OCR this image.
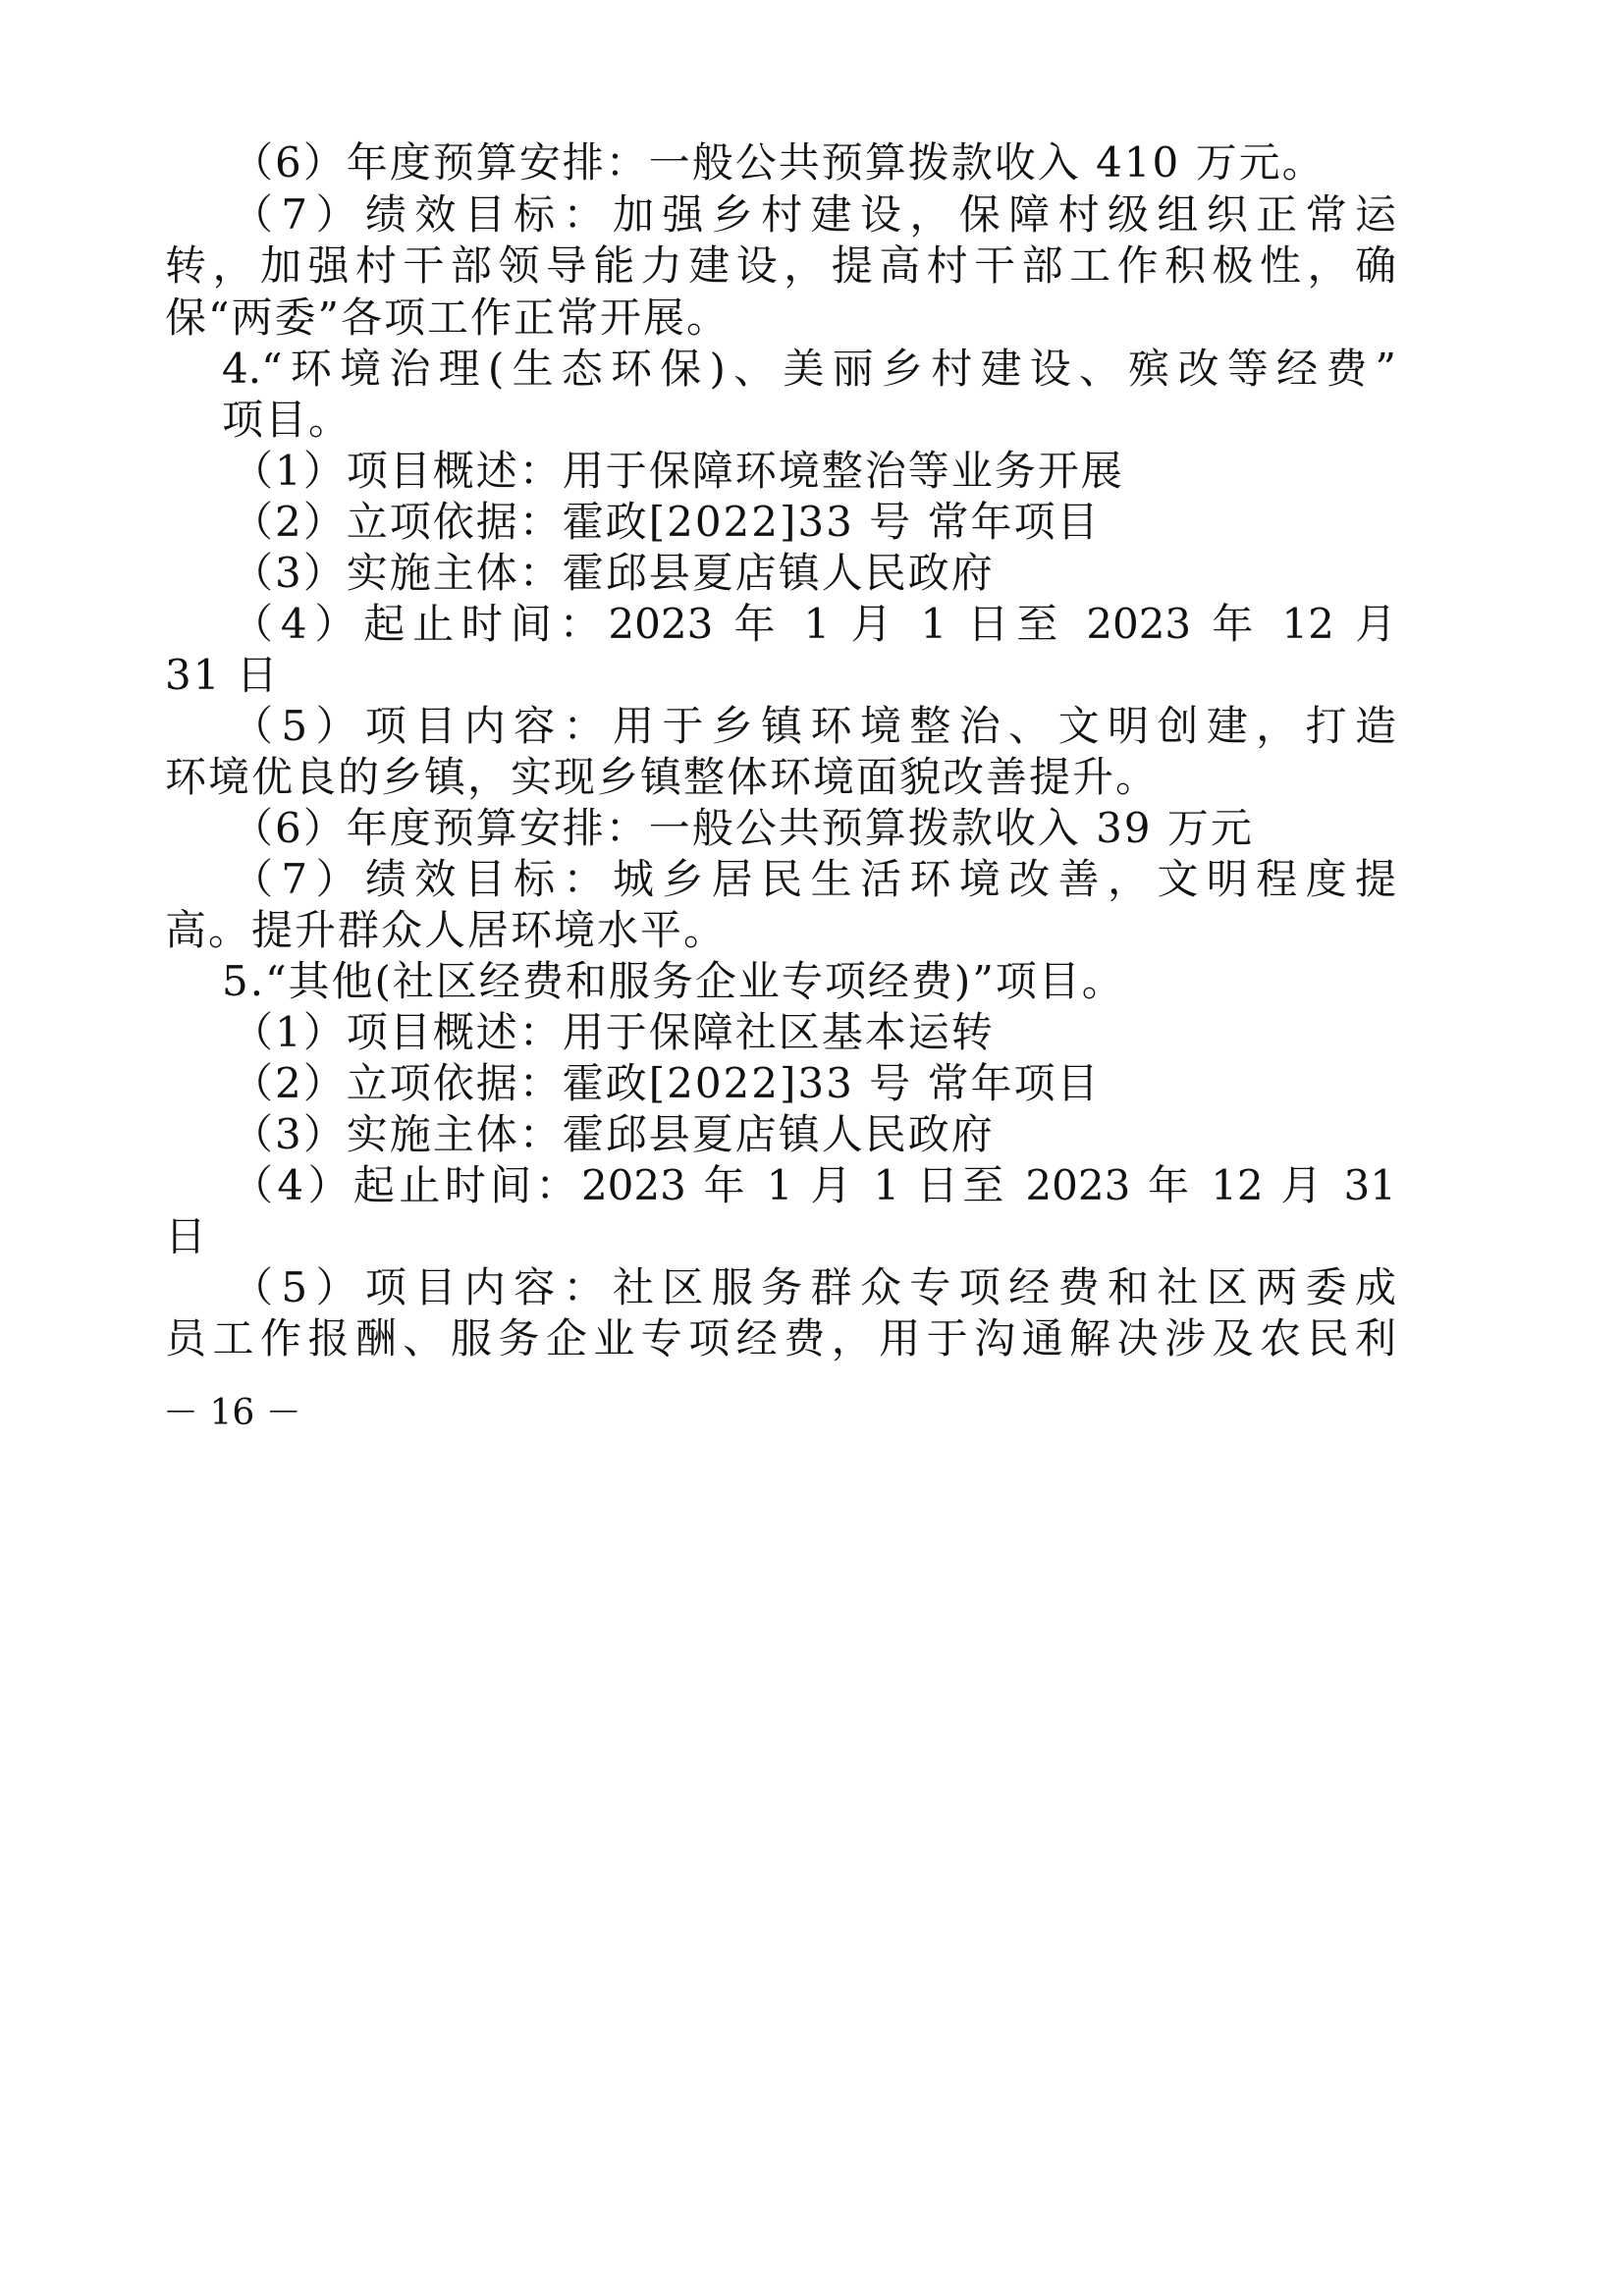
（6）年度预算安排：一般公共预算拨款收入 410 万元。
（7）绩效目标：加强乡村建设，保障村级组织正常运
转，加强村干部领导能力建设，提高村干部工作积极性，确
保“两委”各项工作正常开展。
4.“环境治理(生态环保)、美丽乡村建设、殡改等经费”
项目。
（1）项目概述：用于保障环境整治等业务开展
（2）立项依据：霍政[2022]33 号 常年项目
（3）实施主体：霍邱县夏店镇人民政府
（4）起止时间：2023 年 1 月 1 日至 2023 年 12 月
31 日
（5）项目内容：用于乡镇环境整治、文明创建，打造
环境优良的乡镇，实现乡镇整体环境面貌改善提升。
（6）年度预算安排：一般公共预算拨款收入 39 万元
（7）绩效目标：城乡居民生活环境改善，文明程度提
高。提升群众人居环境水平。
5.“其他(社区经费和服务企业专项经费)”项目。
（1）项目概述：用于保障社区基本运转
（2）立项依据：霍政[2022]33 号 常年项目
（3）实施主体：霍邱县夏店镇人民政府
（4）起止时间：2023 年 1 月 1 日至 2023 年 12 月 31
日
（5）项目内容：社区服务群众专项经费和社区两委成
员工作报酬、服务企业专项经费，用于沟通解决涉及农民利
－ 16 －
